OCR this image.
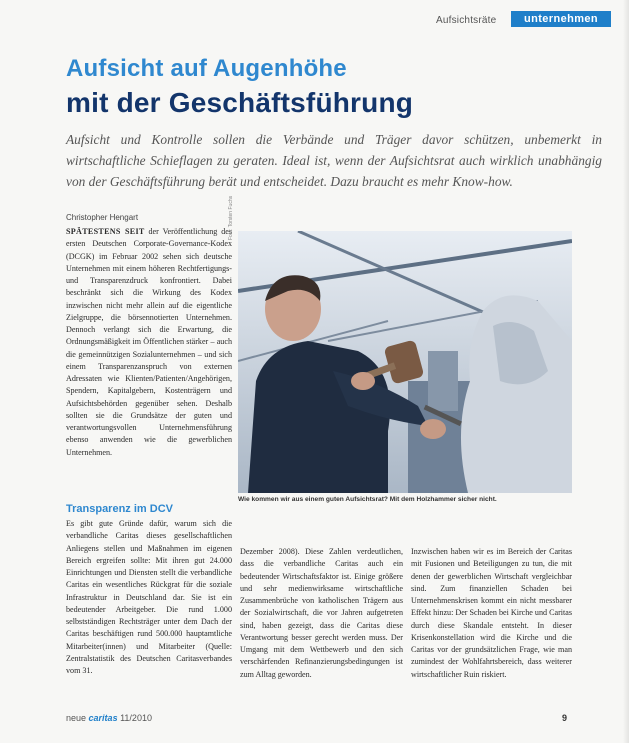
Aufsichtsräte	unternehmen
Aufsicht auf Augenhöhe
mit der Geschäftsführung
Aufsicht und Kontrolle sollen die Verbände und Träger davor schützen, unbemerkt in wirtschaftliche Schieflagen zu geraten. Ideal ist, wenn der Aufsichtsrat auch wirklich unabhängig von der Geschäftsführung berät und entscheidet. Dazu braucht es mehr Know-how.
Christopher Hengart

SPÄTESTENS SEIT der Veröffentlichung des ersten Deutschen Corporate-Governance-Kodex (DCGK) im Februar 2002 sehen sich deutsche Unternehmen mit einem höheren Rechtfertigungs- und Transparenzdruck konfrontiert. Dabei beschränkt sich die Wirkung des Kodex inzwischen nicht mehr allein auf die eigentliche Zielgruppe, die börsennotierten Unternehmen. Dennoch verlangt sich die Erwartung, die Ordnungsmäßigkeit im Öffentlichen stärker – auch die gemeinnützigen Sozialunternehmen – und sich einem Transparenzanspruch von externen Adressaten wie Klienten/Patienten/Angehörigen, Spendern, Kapitalgebern, Kostenträgern und Aufsichtsbehörden gegenüber sehen. Deshalb sollten sie die Grundsätze der guten und verantwortungsvollen Unternehmensführung ebenso anwenden wie die gewerblichen Unternehmen.

Foto: Torsten Fuchs
Wie kommen wir aus einem guten Aufsichtsrat? Mit dem Holzhammer sicher nicht.
Transparenz im DCV
Es gibt gute Gründe dafür, warum sich die verbandliche Caritas dieses gesellschaftlichen Anliegens stellen und Maßnahmen im eigenen Bereich ergreifen sollte: Mit ihren gut 24.000 Einrichtungen und Diensten stellt die verbandliche Caritas ein wesentliches Rückgrat für die soziale Infrastruktur in Deutschland dar. Sie ist ein bedeutender Arbeitgeber. Die rund 1.000 selbstständigen Rechtsträger unter dem Dach der Caritas beschäftigen rund 500.000 hauptamtliche Mitarbeiter(innen) und Mitarbeiter (Quelle: Zentralstatistik des Deutschen Caritasverbandes vom 31.
Dezember 2008). Diese Zahlen verdeutlichen, dass die verbandliche Caritas auch ein bedeutender Wirtschaftsfaktor ist. Einige größere und sehr medienwirksame wirtschaftliche Zusammenbrüche von katholischen Trägern aus der Sozialwirtschaft, die vor Jahren aufgetreten sind, haben gezeigt, dass die Caritas diese Verantwortung besser gerecht werden muss. Der Umgang mit dem Wettbewerb und den sich verschärfenden Refinanzierungsbedingungen ist zum Alltag geworden.
Inzwischen haben wir es im Bereich der Caritas mit Fusionen und Beteiligungen zu tun, die mit denen der gewerblichen Wirtschaft vergleichbar sind. Zum finanziellen Schaden bei Unternehmenskrisen kommt ein nicht messbarer Effekt hinzu: Der Schaden bei Kirche und Caritas durch diese Skandale entsteht. In dieser Krisenkonstellation wird die Kirche und die Caritas vor der grundsätzlichen Frage, wie man zumindest der Wohlfahrtsbereich, dass weiterer wirtschaftlicher Ruin riskiert.
neue caritas 11/2010	9
